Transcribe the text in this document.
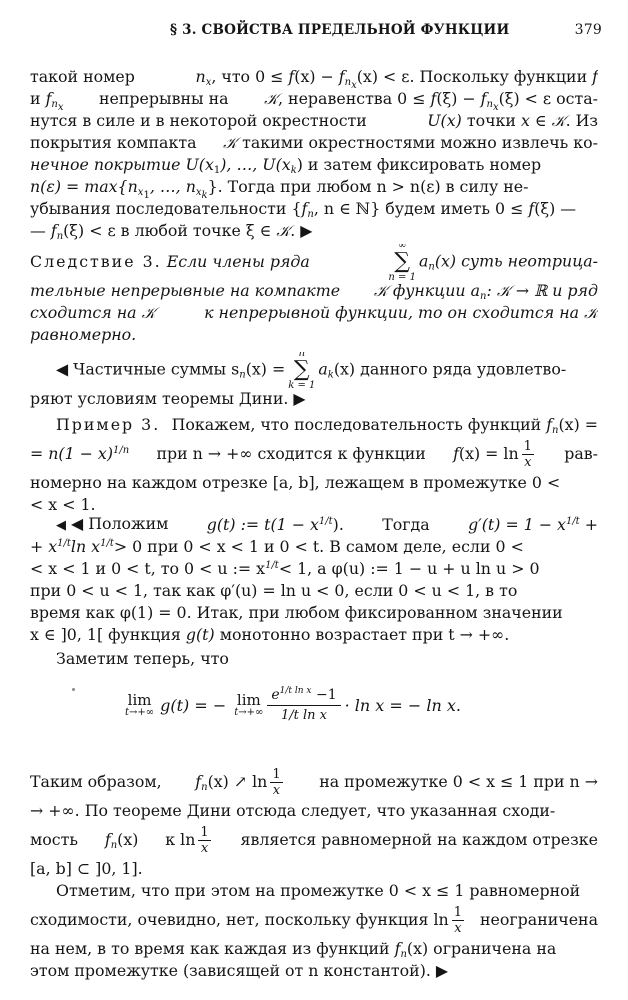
§ 3. СВОЙСТВА ПРЕДЕЛЬНОЙ ФУНКЦИИ	379
такой номер	$n_x$, что $0 \le f(x) - f_{n_x}(x) < \varepsilon$. Поскольку функции f
и $f_{n_x}$ непрерывны на 𝒦, неравенства $0 \le f(\xi) - f_{n_x}(\xi) < \varepsilon$ оста-
нутся в силе и в некоторой окрестности	U(x) точки x ∈ 𝒦. Из
покрытия компакта 𝒦 такими окрестностями можно извлечь ко-
нечное покрытие $U(x_1)$, …, $U(x_k)$ и затем фиксировать номер
$n(\varepsilon) = \max\{n_{x_1}$, …, $n_{x_k}$}. Тогда при любом n > n(ε) в силу не-
убывания последовательности {$f_n$, n ∈ ℕ} будем иметь 0 ≤ f(ξ) —
— $f_n(\xi) < \varepsilon$ в любой точке ξ ∈ 𝒦. ▶
Следствие 3. Если члены ряда
∞
∑
n = 1
$a_n(x)$ суть неотрица-
тельные непрерывные на компакте 𝒦 функции $a_n$: 𝒦 → ℝ и ряд
сходится на 𝒦	к непрерывной функции, то он сходится на 𝒦
равномерно.
◀ Частичные суммы $s_n(x)$ =
n
∑
k = 1
$a_k(x)$ данного ряда удовлетво-
ряют условиям теоремы Дини. ▶
Пример 3. Покажем, что последовательность функций $f_n(x)$ =
= $n(1 - x)^{1/n}$ при n → +∞ сходится к функции $f(x) = \ln \frac{1}{x} рав-$
номерно на каждом отрезке [a, b], лежащем в промежутке 0 <
< x < 1.
◀ ◀ Положим g(t) := $t(1 - x^{1/t})$. Тогда $g'(t) = 1 - x^{1/t}$ +
+ $x^{1/t}\ln$ $x^{1/t}> 0$ при 0 < x < 1 и 0 < t. В самом деле, если 0 <
< x < 1 и 0 < t, то 0 < u := $x^{1/t}< 1$, а φ(u) := 1 − u + u ln u > 0
при 0 < u < 1, так как φ′(u) = ln u < 0, если 0 < u < 1, в то
время как φ(1) = 0. Итак, при любом фиксированном значении
x ∈ ]0, 1[ функция g(t) монотонно возрастает при t → +∞.
Заметим теперь, что
lim
t→+∞ g(t) = − lim
t→+∞
$e^{1/t ln x} -1$
1/t ln x
· ln x = − ln x.
Таким образом, $f_n(x)$ ↗ $\ln \frac{1}{x}$ на промежутке 0 < x ≤ 1 при n →
→ +∞. По теореме Дини отсюда следует, что указанная сходи-
мость $f_n(x)$ к $\ln \frac{1}{x}$ является равномерной на каждом отрезке
[a, b] ⊂ ]0, 1].
Отметим, что при этом на промежутке 0 < x ≤ 1 равномерной
сходимости, очевидно, нет, поскольку функция $\ln \frac{1}{x}$ неограничена
на нем, в то время как каждая из функций $f_n(x)$ ограничена на
этом промежутке (зависящей от n константой). ▶
